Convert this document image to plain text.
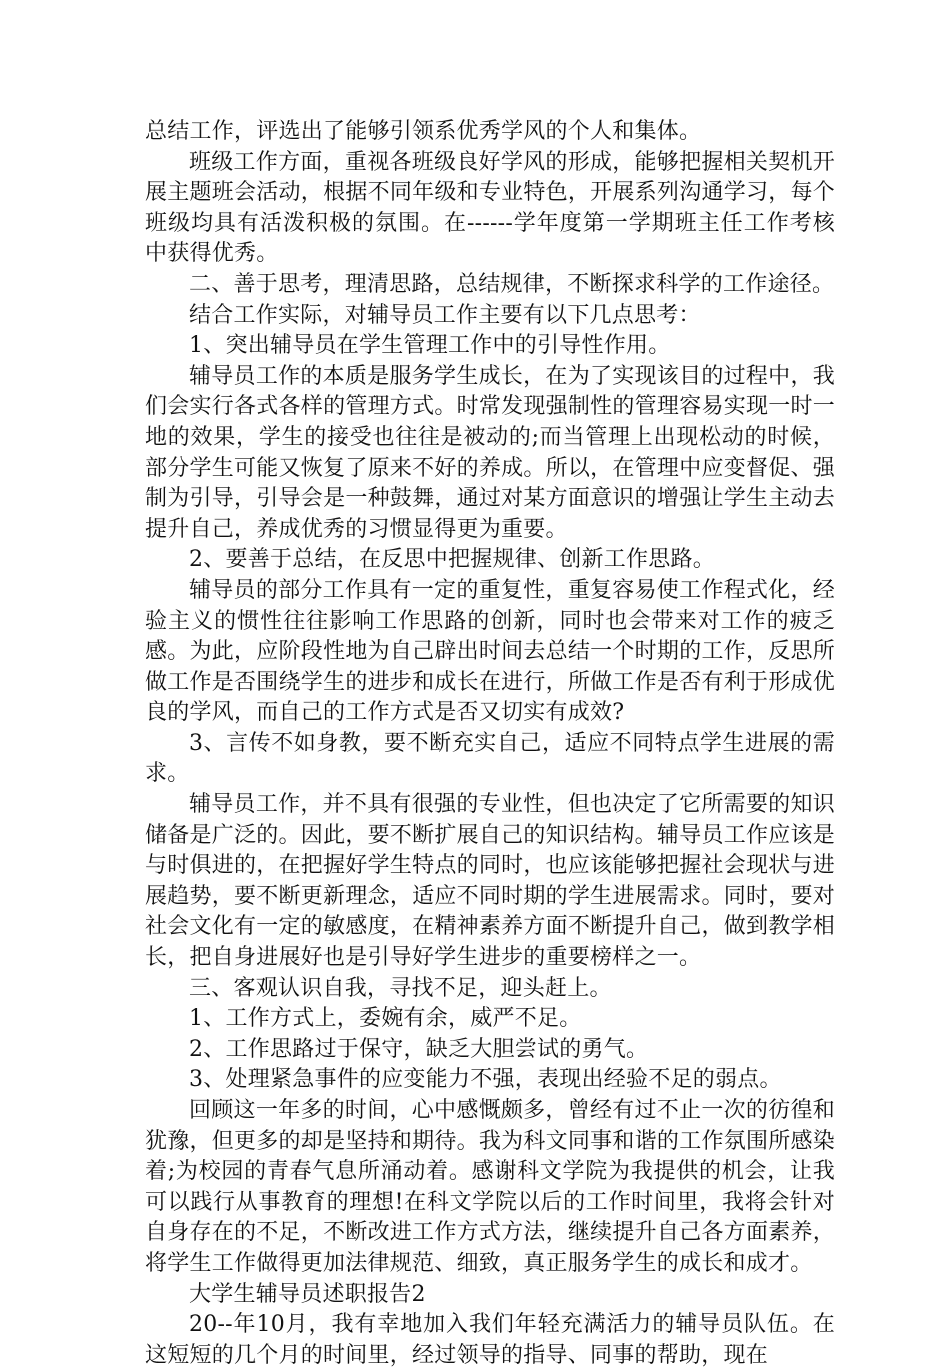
总结工作，评选出了能够引领系优秀学风的个人和集体。

班级工作方面，重视各班级良好学风的形成，能够把握相关契机开展主题班会活动，根据不同年级和专业特色，开展系列沟通学习，每个班级均具有活泼积极的氛围。在------学年度第一学期班主任工作考核中获得优秀。

二、善于思考，理清思路，总结规律，不断探求科学的工作途径。

结合工作实际，对辅导员工作主要有以下几点思考：

1、突出辅导员在学生管理工作中的引导性作用。

辅导员工作的本质是服务学生成长，在为了实现该目的过程中，我们会实行各式各样的管理方式。时常发现强制性的管理容易实现一时一地的效果，学生的接受也往往是被动的;而当管理上出现松动的时候，部分学生可能又恢复了原来不好的养成。所以，在管理中应变督促、强制为引导，引导会是一种鼓舞，通过对某方面意识的增强让学生主动去提升自己，养成优秀的习惯显得更为重要。

2、要善于总结，在反思中把握规律、创新工作思路。

辅导员的部分工作具有一定的重复性，重复容易使工作程式化，经验主义的惯性往往影响工作思路的创新，同时也会带来对工作的疲乏感。为此，应阶段性地为自己辟出时间去总结一个时期的工作，反思所做工作是否围绕学生的进步和成长在进行，所做工作是否有利于形成优良的学风，而自己的工作方式是否又切实有成效?

3、言传不如身教，要不断充实自己，适应不同特点学生进展的需求。

辅导员工作，并不具有很强的专业性，但也决定了它所需要的知识储备是广泛的。因此，要不断扩展自己的知识结构。辅导员工作应该是与时俱进的，在把握好学生特点的同时，也应该能够把握社会现状与进展趋势，要不断更新理念，适应不同时期的学生进展需求。同时，要对社会文化有一定的敏感度，在精神素养方面不断提升自己，做到教学相长，把自身进展好也是引导好学生进步的重要榜样之一。

三、客观认识自我，寻找不足，迎头赶上。

1、工作方式上，委婉有余，威严不足。

2、工作思路过于保守，缺乏大胆尝试的勇气。

3、处理紧急事件的应变能力不强，表现出经验不足的弱点。

回顾这一年多的时间，心中感慨颇多，曾经有过不止一次的彷徨和犹豫，但更多的却是坚持和期待。我为科文同事和谐的工作氛围所感染着;为校园的青春气息所涌动着。感谢科文学院为我提供的机会，让我可以践行从事教育的理想!在科文学院以后的工作时间里，我将会针对自身存在的不足，不断改进工作方式方法，继续提升自己各方面素养，将学生工作做得更加法律规范、细致，真正服务学生的成长和成才。

大学生辅导员述职报告2

20--年10月，我有幸地加入我们年轻充满活力的辅导员队伍。在这短短的几个月的时间里，经过领导的指导、同事的帮助，现在
